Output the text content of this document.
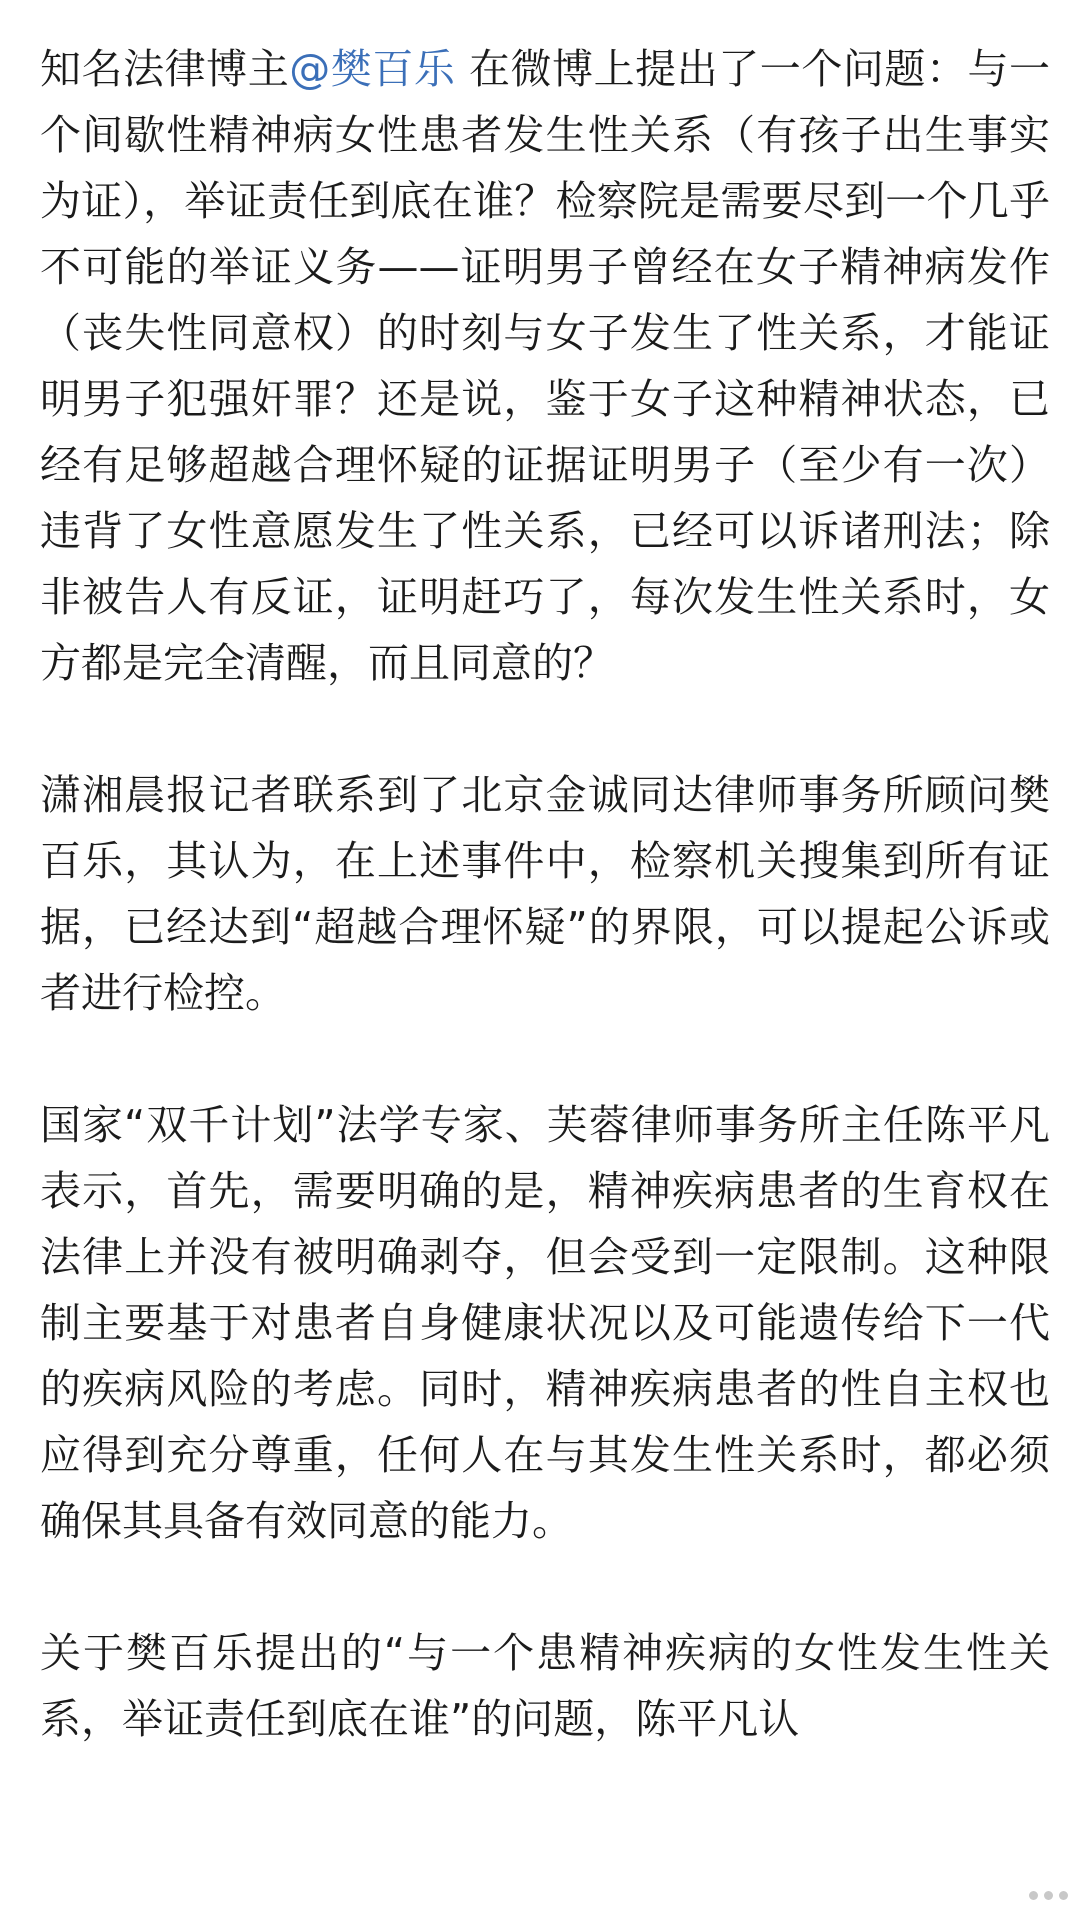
知名法律博主@樊百乐 在微博上提出了一个问题：与一个间歇性精神病女性患者发生性关系（有孩子出生事实为证），举证责任到底在谁？检察院是需要尽到一个几乎不可能的举证义务——证明男子曾经在女子精神病发作（丧失性同意权）的时刻与女子发生了性关系，才能证明男子犯强奸罪？还是说，鉴于女子这种精神状态，已经有足够超越合理怀疑的证据证明男子（至少有一次）违背了女性意愿发生了性关系，已经可以诉诸刑法；除非被告人有反证，证明赶巧了，每次发生性关系时，女方都是完全清醒，而且同意的？

潇湘晨报记者联系到了北京金诚同达律师事务所顾问樊百乐，其认为，在上述事件中，检察机关搜集到所有证据，已经达到“超越合理怀疑”的界限，可以提起公诉或者进行检控。

国家“双千计划”法学专家、芙蓉律师事务所主任陈平凡表示，首先，需要明确的是，精神疾病患者的生育权在法律上并没有被明确剥夺，但会受到一定限制。这种限制主要基于对患者自身健康状况以及可能遗传给下一代的疾病风险的考虑。同时，精神疾病患者的性自主权也应得到充分尊重，任何人在与其发生性关系时，都必须确保其具备有效同意的能力。

关于樊百乐提出的“与一个患精神疾病的女性发生性关系，举证责任到底在谁”的问题，陈平凡认
